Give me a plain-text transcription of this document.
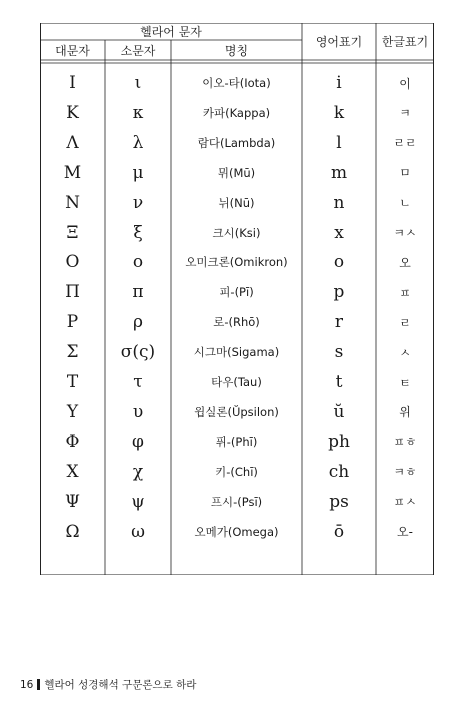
헬라어 문자
대문자	소문자	명칭
영어표기	한글표기
Ι	ι	이오-타(Iota)	i	이
Κ	κ	카파(Kappa)	k	ㅋ
Λ	λ	람다(Lambda)	l	ㄹㄹ
Μ	μ	뮈(Mū)	m	ㅁ
Ν	ν	뉘(Nū)	n	ㄴ
Ξ	ξ	크시(Ksi)	x	ㅋㅅ
Ο	ο	오미크론(Omikron)	o	오
Π	π	피-(Pī)	p	ㅍ
Ρ	ρ	로-(Rhō)	r	ㄹ
Σ	σ(ς)	시그마(Sigama)	s	ㅅ
Τ	τ	타우(Tau)	t	ㅌ
Υ	υ	윕실론(Ŭpsilon)	ŭ	위
Φ	φ	퓌-(Phī)	ph	ㅍㅎ
Χ	χ	키-(Chī)	ch	ㅋㅎ
Ψ	ψ	프시-(Psī)	ps	ㅍㅅ
Ω	ω	오메가(Omega)	ō	오-
16 헬라어 성경해석 구문론으로 하라
